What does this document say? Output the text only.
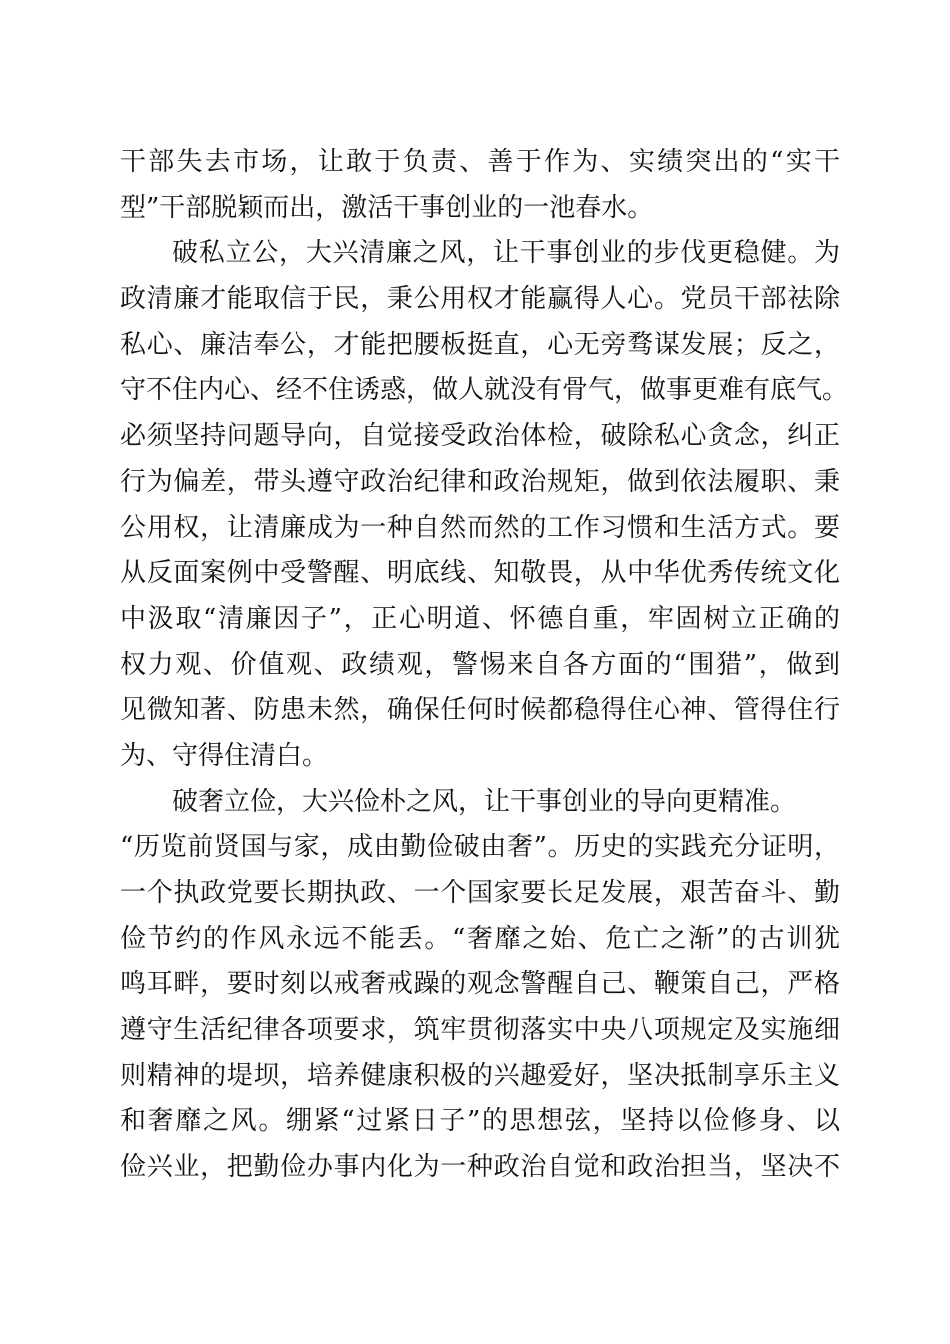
干部失去市场，让敢于负责、善于作为、实绩突出的“实干
型”干部脱颖而出，激活干事创业的一池春水。
破私立公，大兴清廉之风，让干事创业的步伐更稳健。为
政清廉才能取信于民，秉公用权才能赢得人心。党员干部祛除
私心、廉洁奉公，才能把腰板挺直，心无旁骛谋发展；反之，
守不住内心、经不住诱惑，做人就没有骨气，做事更难有底气。
必须坚持问题导向，自觉接受政治体检，破除私心贪念，纠正
行为偏差，带头遵守政治纪律和政治规矩，做到依法履职、秉
公用权，让清廉成为一种自然而然的工作习惯和生活方式。要
从反面案例中受警醒、明底线、知敬畏，从中华优秀传统文化
中汲取“清廉因子”，正心明道、怀德自重，牢固树立正确的
权力观、价值观、政绩观，警惕来自各方面的“围猎”，做到
见微知著、防患未然，确保任何时候都稳得住心神、管得住行
为、守得住清白。
破奢立俭，大兴俭朴之风，让干事创业的导向更精准。
“历览前贤国与家，成由勤俭破由奢”。历史的实践充分证明，
一个执政党要长期执政、一个国家要长足发展，艰苦奋斗、勤
俭节约的作风永远不能丢。“奢靡之始、危亡之渐”的古训犹
鸣耳畔，要时刻以戒奢戒躁的观念警醒自己、鞭策自己，严格
遵守生活纪律各项要求，筑牢贯彻落实中央八项规定及实施细
则精神的堤坝，培养健康积极的兴趣爱好，坚决抵制享乐主义
和奢靡之风。绷紧“过紧日子”的思想弦，坚持以俭修身、以
俭兴业，把勤俭办事内化为一种政治自觉和政治担当，坚决不
